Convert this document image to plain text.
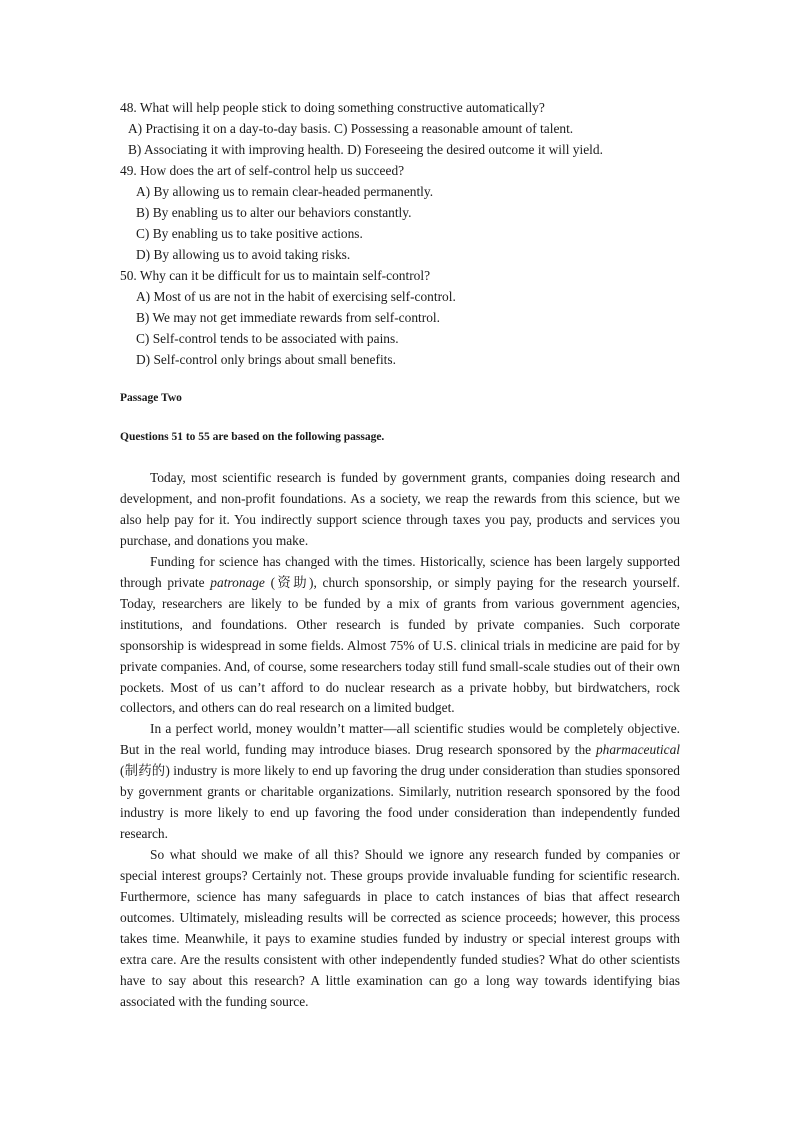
48. What will help people stick to doing something constructive automatically?
A) Practising it on a day-to-day basis. C) Possessing a reasonable amount of talent.
B) Associating it with improving health. D) Foreseeing the desired outcome it will yield.
49. How does the art of self-control help us succeed?
A) By allowing us to remain clear-headed permanently.
B) By enabling us to alter our behaviors constantly.
C) By enabling us to take positive actions.
D) By allowing us to avoid taking risks.
50. Why can it be difficult for us to maintain self-control?
A) Most of us are not in the habit of exercising self-control.
B) We may not get immediate rewards from self-control.
C) Self-control tends to be associated with pains.
D) Self-control only brings about small benefits.
Passage Two
Questions 51 to 55 are based on the following passage.

Today, most scientific research is funded by government grants, companies doing research and development, and non-profit foundations. As a society, we reap the rewards from this science, but we also help pay for it. You indirectly support science through taxes you pay, products and services you purchase, and donations you make.

Funding for science has changed with the times. Historically, science has been largely supported through private patronage (资助), church sponsorship, or simply paying for the research yourself. Today, researchers are likely to be funded by a mix of grants from various government agencies, institutions, and foundations. Other research is funded by private companies. Such corporate sponsorship is widespread in some fields. Almost 75% of U.S. clinical trials in medicine are paid for by private companies. And, of course, some researchers today still fund small-scale studies out of their own pockets. Most of us can’t afford to do nuclear research as a private hobby, but birdwatchers, rock collectors, and others can do real research on a limited budget.

In a perfect world, money wouldn’t matter—all scientific studies would be completely objective. But in the real world, funding may introduce biases. Drug research sponsored by the pharmaceutical (制药的) industry is more likely to end up favoring the drug under consideration than studies sponsored by government grants or charitable organizations. Similarly, nutrition research sponsored by the food industry is more likely to end up favoring the food under consideration than independently funded research.

So what should we make of all this? Should we ignore any research funded by companies or special interest groups? Certainly not. These groups provide invaluable funding for scientific research. Furthermore, science has many safeguards in place to catch instances of bias that affect research outcomes. Ultimately, misleading results will be corrected as science proceeds; however, this process takes time. Meanwhile, it pays to examine studies funded by industry or special interest groups with extra care. Are the results consistent with other independently funded studies? What do other scientists have to say about this research? A little examination can go a long way towards identifying bias associated with the funding source.
